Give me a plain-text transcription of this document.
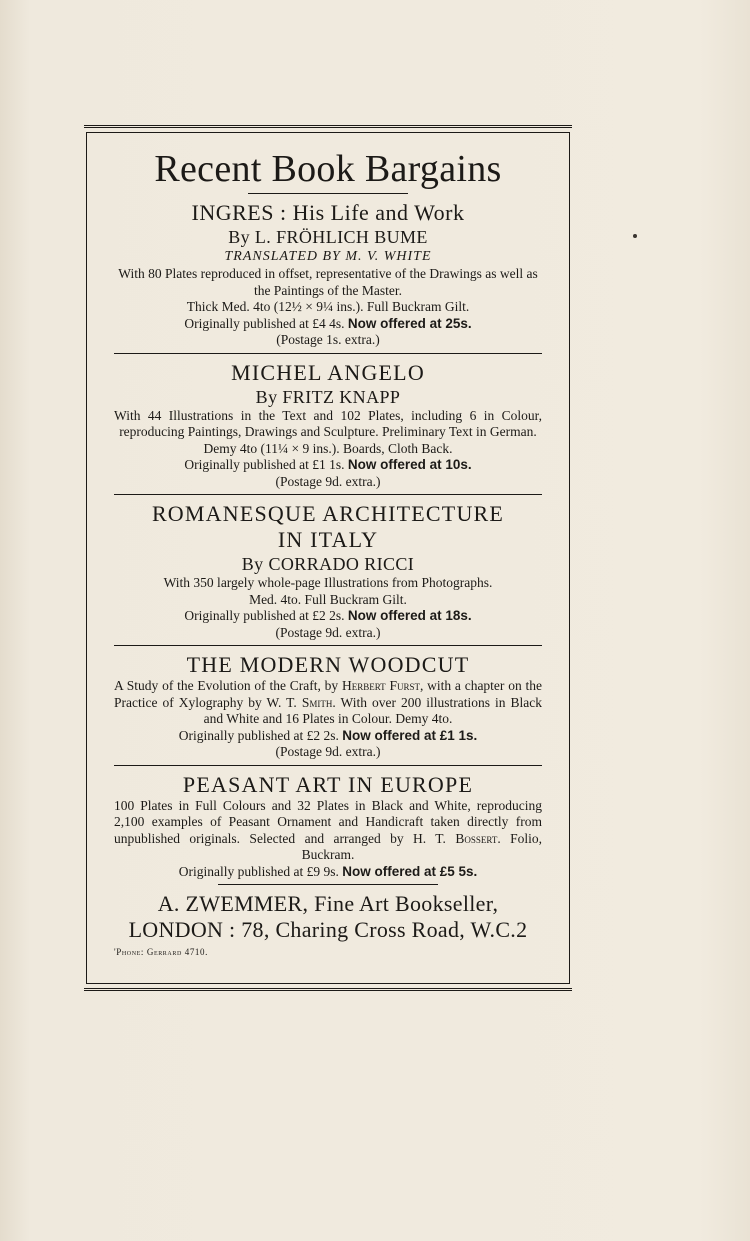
Recent Book Bargains
INGRES : His Life and Work
By L. FRÖHLICH BUME
TRANSLATED BY M. V. WHITE
With 80 Plates reproduced in offset, representative of the Drawings as well as the Paintings of the Master.
Thick Med. 4to (12½ × 9¼ ins.). Full Buckram Gilt.
Originally published at £4 4s. Now offered at 25s.
(Postage 1s. extra.)
MICHEL ANGELO
By FRITZ KNAPP
With 44 Illustrations in the Text and 102 Plates, including 6 in Colour, reproducing Paintings, Drawings and Sculpture. Preliminary Text in German.
Demy 4to (11¼ × 9 ins.). Boards, Cloth Back.
Originally published at £1 1s. Now offered at 10s.
(Postage 9d. extra.)
ROMANESQUE ARCHITECTURE
IN ITALY
By CORRADO RICCI
With 350 largely whole-page Illustrations from Photographs.
Med. 4to. Full Buckram Gilt.
Originally published at £2 2s. Now offered at 18s.
(Postage 9d. extra.)
THE MODERN WOODCUT
A Study of the Evolution of the Craft, by Herbert Furst, with a chapter on the Practice of Xylography by W. T. Smith. With over 200 illustrations in Black and White and 16 Plates in Colour. Demy 4to.
Originally published at £2 2s. Now offered at £1 1s.
(Postage 9d. extra.)
PEASANT ART IN EUROPE
100 Plates in Full Colours and 32 Plates in Black and White, reproducing 2,100 examples of Peasant Ornament and Handicraft taken directly from unpublished originals. Selected and arranged by H. T. Bossert. Folio, Buckram.
Originally published at £9 9s. Now offered at £5 5s.
A. ZWEMMER, Fine Art Bookseller,
LONDON : 78, Charing Cross Road, W.C.2
'Phone: Gerrard 4710.
